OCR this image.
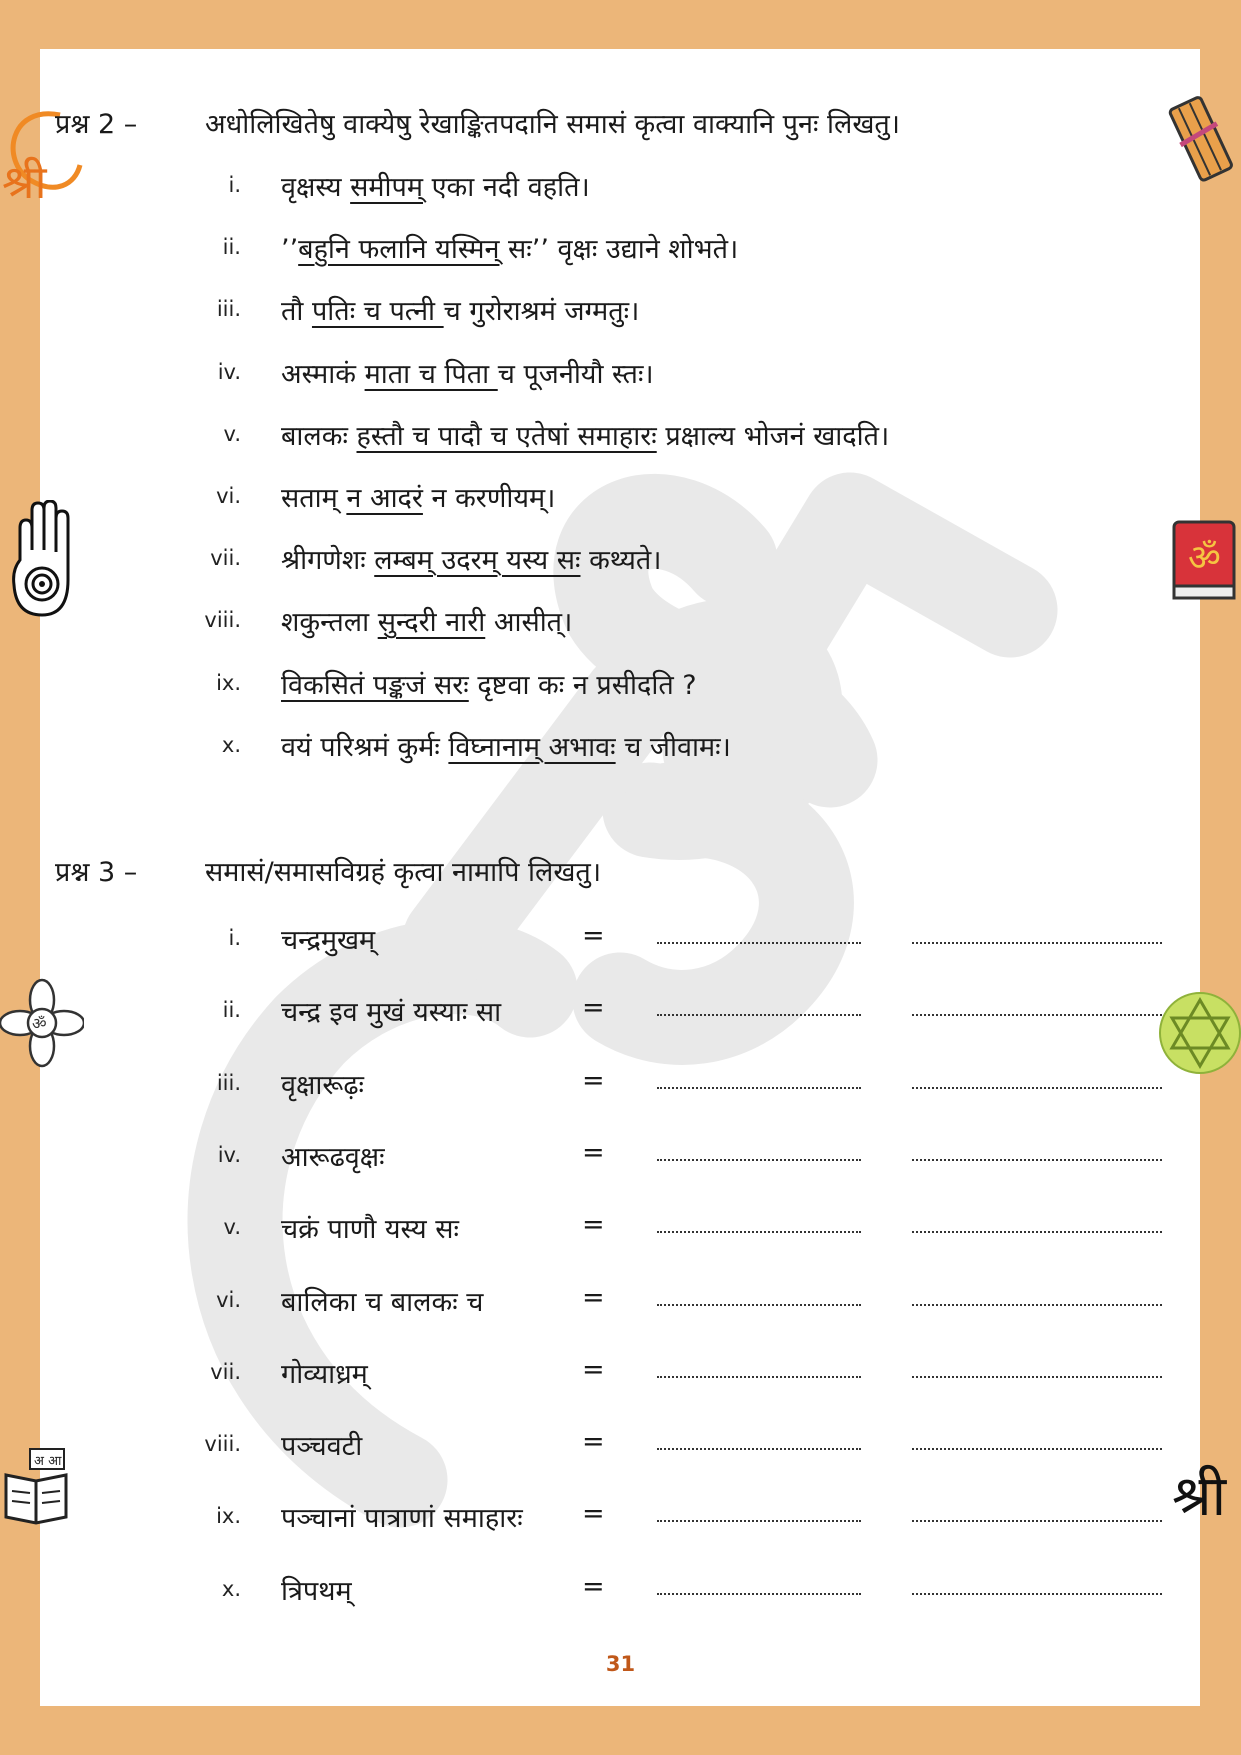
श्री
ॐ
ॐ
अ आ
श्री
प्रश्न 2 –	अधोलिखितेषु वाक्येषु रेखाङ्कितपदानि समासं कृत्वा वाक्यानि पुनः लिखतु।
i. वृक्षस्य समीपम् एका नदी वहति।
ii. ’’बहुनि फलानि यस्मिन् सः’’ वृक्षः उद्याने शोभते।
iii. तौ पतिः च पत्नी च गुरोराश्रमं जग्मतुः।
iv. अस्माकं माता च पिता च पूजनीयौ स्तः।
v. बालकः हस्तौ च पादौ च एतेषां समाहारः प्रक्षाल्य भोजनं खादति।
vi. सताम् न आदरं न करणीयम्।
vii. श्रीगणेशः लम्बम् उदरम् यस्य सः कथ्यते।
viii. शकुन्तला सुन्दरी नारी आसीत्।
ix. विकसितं पङ्कजं सरः दृष्टवा कः न प्रसीदति ?
x. वयं परिश्रमं कुर्मः विघ्नानाम् अभावः च जीवामः।
प्रश्न 3 –	समासं/समासविग्रहं कृत्वा नामापि लिखतु।
i. चन्द्रमुखम्	=
ii. चन्द्र इव मुखं यस्याः सा	=
iii. वृक्षारूढ़ः	=
iv. आरूढवृक्षः	=
v. चक्रं पाणौ यस्य सः	=
vi. बालिका च बालकः च	=
vii. गोव्याध्रम्	=
viii. पञ्चवटी	=
ix. पञ्चानां पात्राणां समाहारः =
x. त्रिपथम्	=
31
